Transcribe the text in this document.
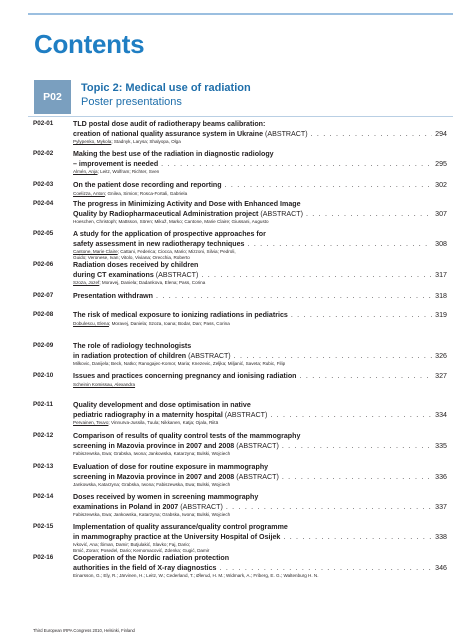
Contents
P02
Topic 2: Medical use of radiation
Poster presentations
P02-01	TLD postal dose audit of radiotherapy beams calibration:
creation of national quality assurance system in Ukraine
(ABSTRACT) . . .	294
Pylypenko, Mykola; Stadnyk, Larysa; Shalyopa, Olga
P02-02	Making the best use of the radiation in diagnostic radiology
– improvement is needed . . .	295
Almén, Anja; Leitz, Wolfram; Richter, Sven
P02-03	On the patient dose recording and reporting . . .	302
Coelizza, Anton; Gnilea, Simion; Rosca-Fortali, Gabriela
P02-04	The progress in Minimizing Activity and Dose with Enhanced Image
Quality by Radiopharmaceutical Administration project
(ABSTRACT) . . .	307
Hoeschen, Christoph; Mattsson, Sören; Mikuž, Marko; Cantone, Marie Claire; Giussani, Augusto
P02-05	A study for the application of prospective approaches for
safety assessment in new radiotherapy techniques . . .	308
Cantone, Marie Claire; Cattani, Federica; Ciocca, Mario; Mizzoni, Silvia; Pedroli,
Guido; Veronese, Ivan; Vitolo, Viviana; Orecchia, Roberto
P02-06	Radiation doses received by children
during CT examinations
(ABSTRACT) . . .	317
Szoza, Jozef; Moravej, Daniela; Dadankova, Elena; Pass, Corina
P02-07	Presentation withdrawn . . .	318
P02-08	The risk of medical exposure to ionizing radiations in pediatrics . . .	319
Dobulescu, Elena; Moravej, Daniela; Szoza, Ioana; Bodar, Dan; Pass, Corina
P02-09	The role of radiology technologists
in radiation protection of children
(ABSTRACT) . . .	326
Milkovic, Danijela; Beck, Natko; Ranogajec-Komor, Maria; Knezevic, Zeljka; Miljanić, Saveta; Rubic, Filip
P02-10	Issues and practices concerning pregnancy and ionising radiation . . .	327
Scheinin Komissau, Alexandra
P02-11	Quality development and dose optimisation in native
pediatric radiography in a maternity hospital
(ABSTRACT) . . .	334
Pervainen, Teuvo; Vinnurva-Jussila, Tuula; Nikkanen, Katja; Ojala, Riitä
P02-12	Comparison of results of quality control tests of the mammography
screening in Mazovia province in 2007 and 2008
(ABSTRACT) . . .	335
Fabiszewska, Ewa; Grabska, Iwona; Jankowska, Katarzyna; Bulski, Wojciech
P02-13	Evaluation of dose for routine exposure in mammography
screening in Mazovia province in 2007 and 2008
(ABSTRACT) . . .	336
Jankowska, Katarzyna; Grabska, Iwona; Fabiszewska, Ewa; Bulski, Wojciech
P02-14	Doses received by women in screening mammography
examinations in Poland in 2007
(ABSTRACT) . . .	337
Fabiszewska, Ewa; Jankowska, Katarzyna; Grabska, Iwona; Bulski, Wojciech
P02-15	Implementation of quality assurance/quality control programme
in mammography practice at the University Hospital of Osijek . . .	338
Ivković, Ana; Šiman, Damir; Butjulakić, Slavko; Faj, Dario;
Brnić, Zoran; Posedel, Dario; Kemomacović, Zdenka; Gugić, Damir
P02-16	Cooperation of the Nordic radiation protection
authorities in the field of X-ray diagnostics . . .	346
Einarsson, G.; Ely, R.; Järvinen, H.; Leitz, W.; Cederland, T.; Ølerud, H. M.; Widmark, A.; Friberg, E. G.; Waltenburg H. N.
Third European IRPA Congress 2010, Helsinki, Finland
